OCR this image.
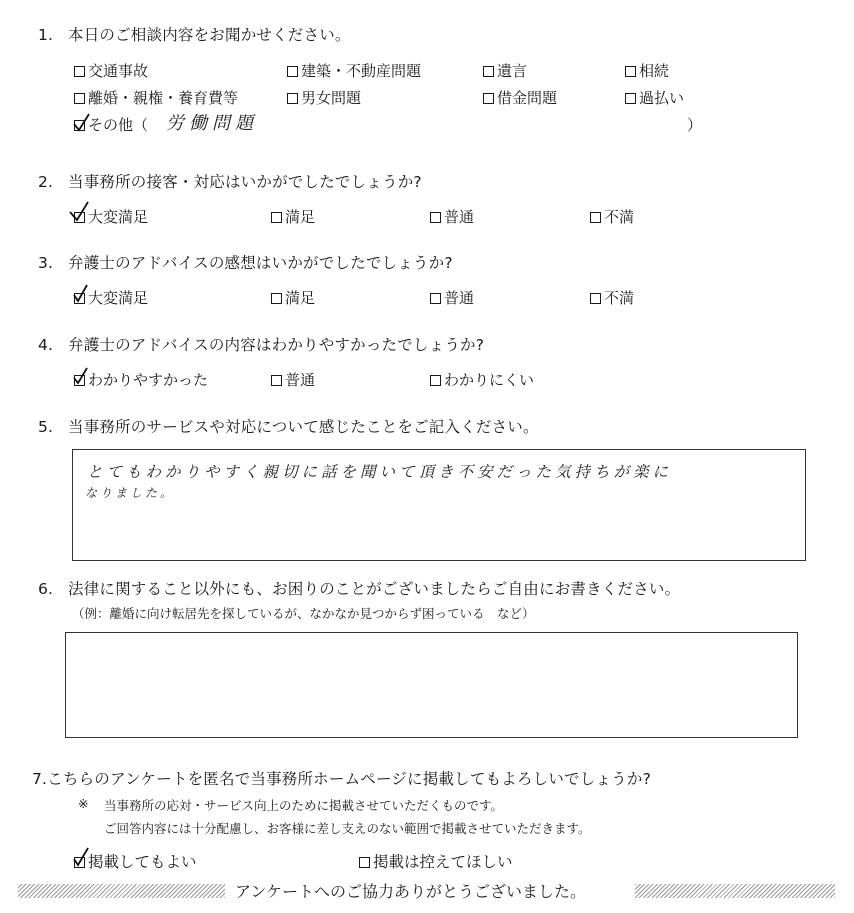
1. 本日のご相談内容をお聞かせください。
交通事故	建築・不動産問題	遺言	相続
離婚・親権・養育費等	男女問題	借金問題	過払い
その他（ 労働問題	）
2. 当事務所の接客・対応はいかがでしたでしょうか?
大変満足	満足	普通	不満
3. 弁護士のアドバイスの感想はいかがでしたでしょうか?
大変満足	満足	普通	不満
4. 弁護士のアドバイスの内容はわかりやすかったでしょうか?
わかりやすかった	普通	わかりにくい
5. 当事務所のサービスや対応について感じたことをご記入ください。
とてもわかりやすく親切に話を聞いて頂き不安だった気持ちが楽に
なりました。
6. 法律に関すること以外にも、お困りのことがございましたらご自由にお書きください。
（例：離婚に向け転居先を探しているが、なかなか見つからず困っている　など）
7.こちらのアンケートを匿名で当事務所ホームページに掲載してもよろしいでしょうか?
※ 当事務所の応対・サービス向上のために掲載させていただくものです。
ご回答内容には十分配慮し、お客様に差し支えのない範囲で掲載させていただきます。
掲載してもよい	掲載は控えてほしい
アンケートへのご協力ありがとうございました。
